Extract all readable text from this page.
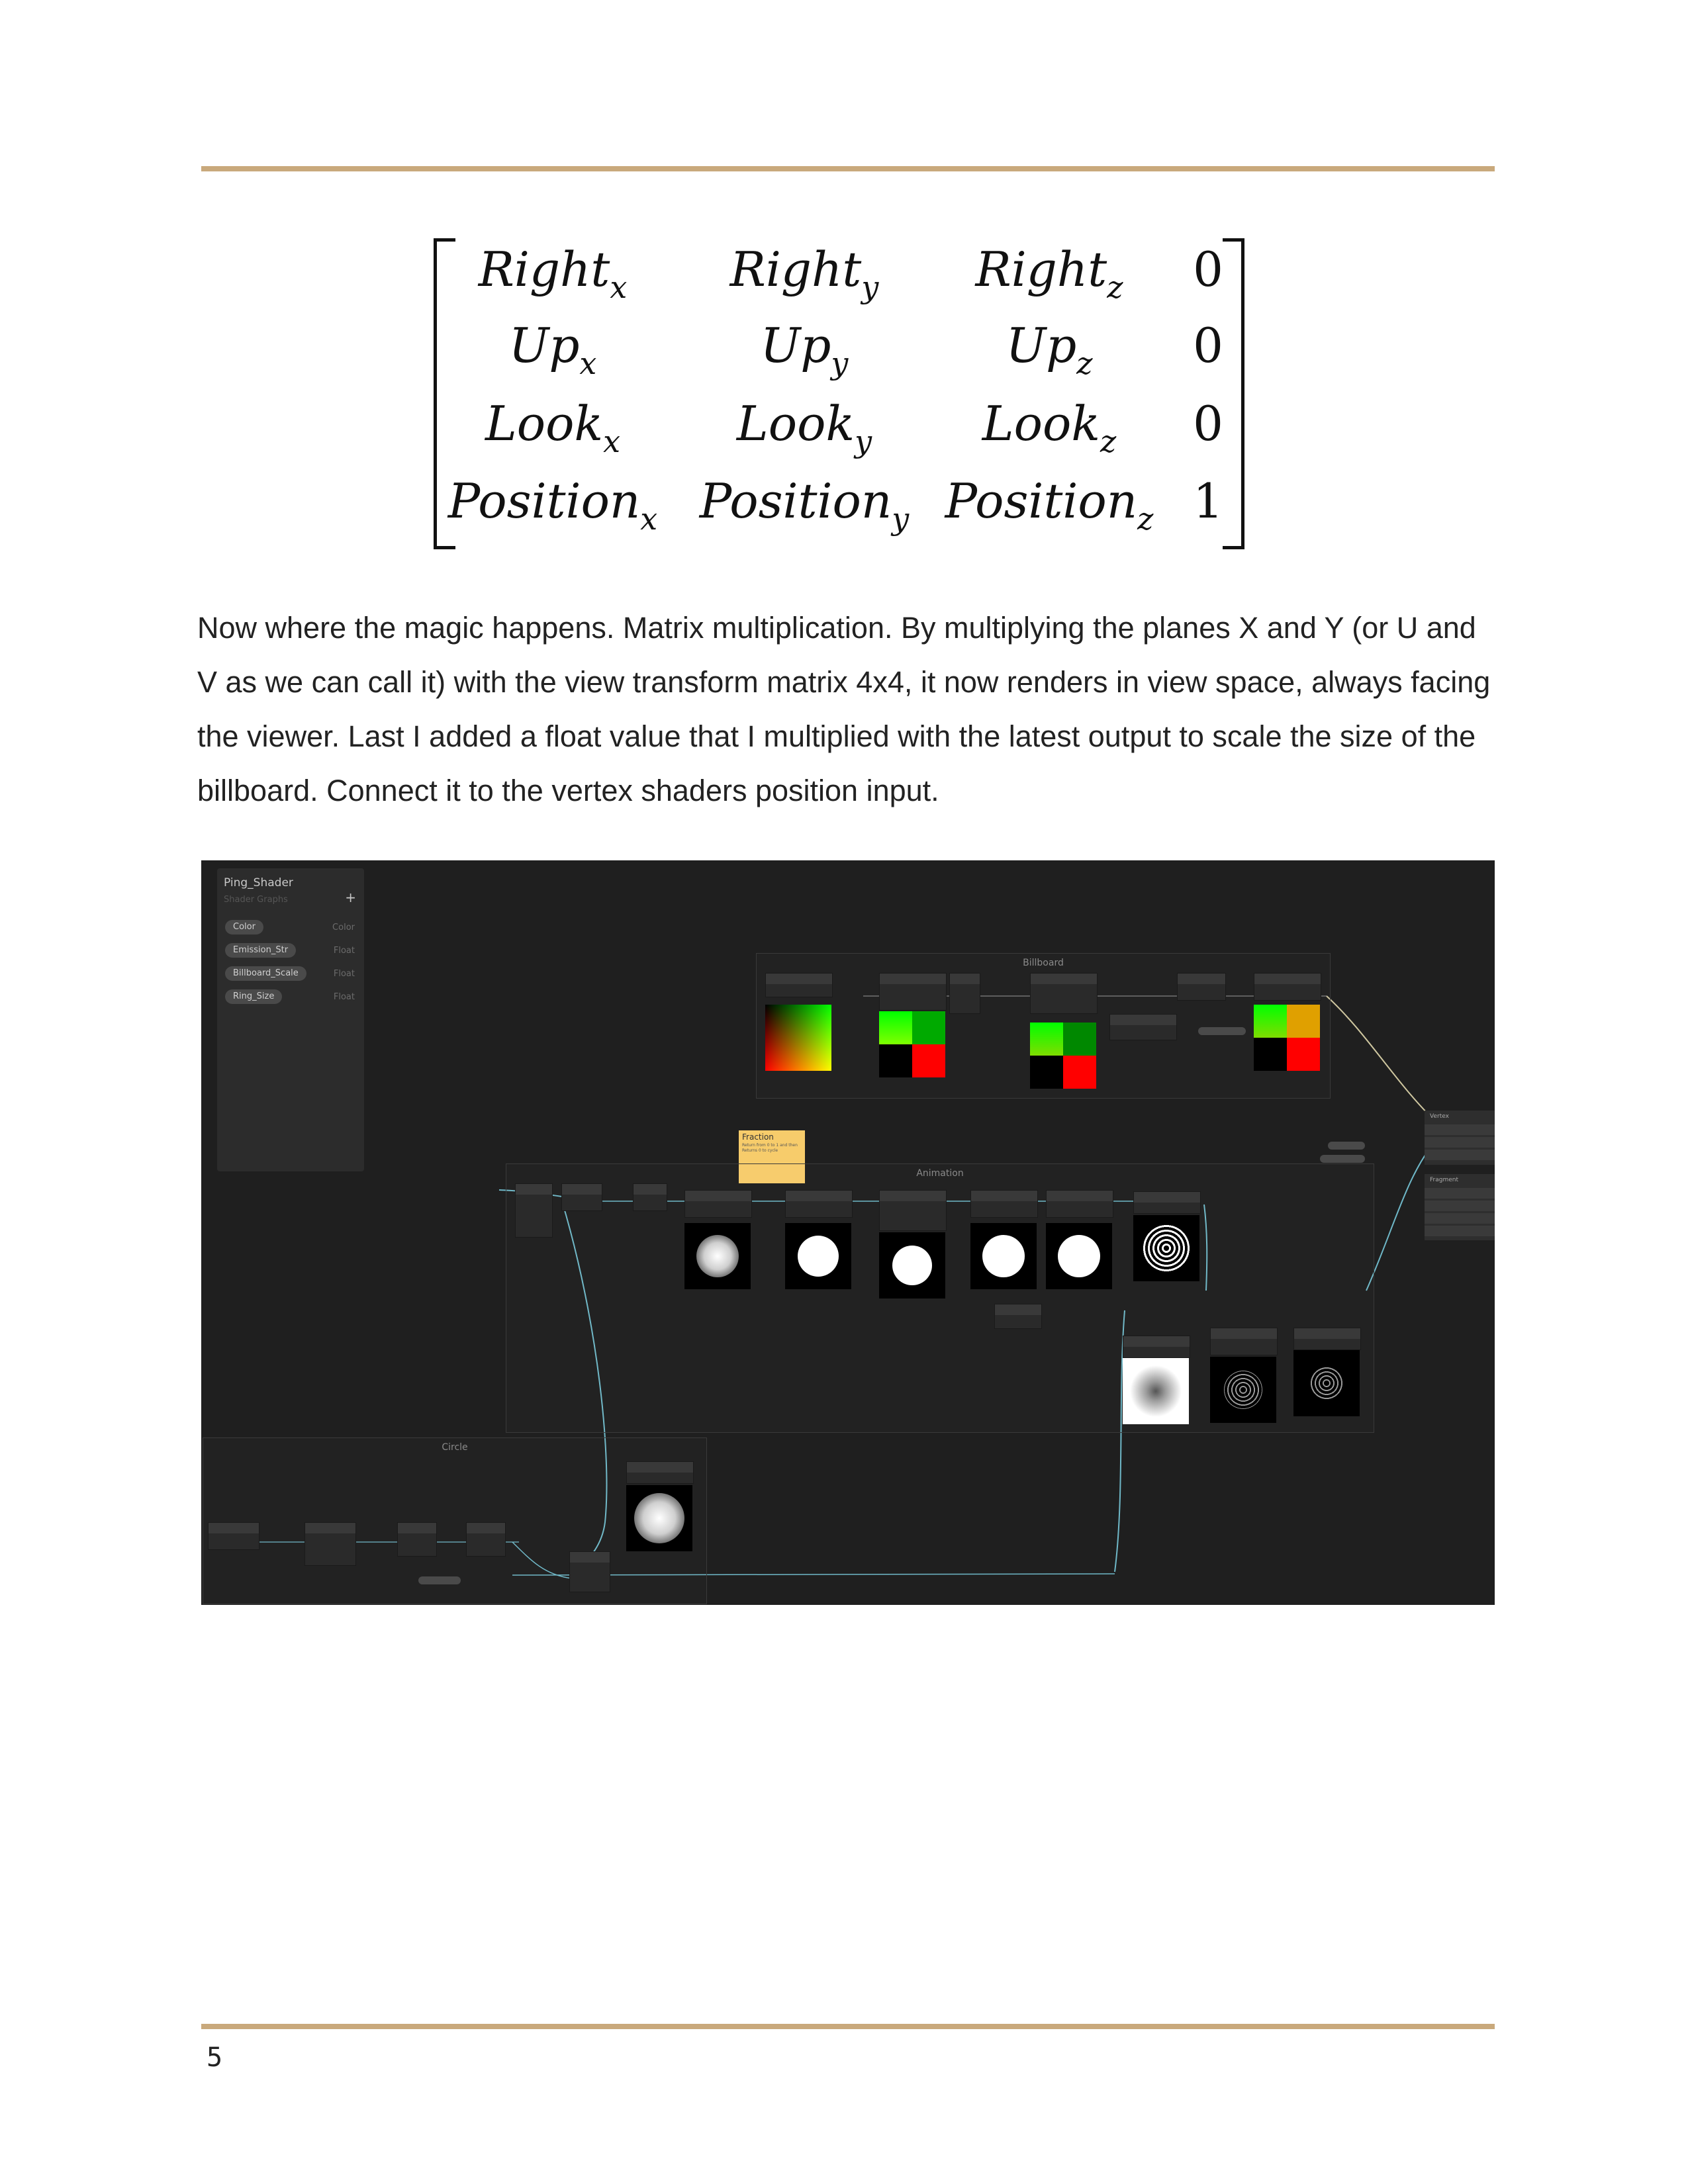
Right$_x$ Right$_y$ Right$_z$ 0
$Up_x$	$Up_y$	$Up_z$ 0
Look$_x$ Look$_y$ Look$_z$ 0
Position$_x$ Position$_y$ Position$_z$ 1
Now where the magic happens. Matrix multiplication. By multiplying the planes X and Y (or U and V as we can call it) with the view transform matrix 4x4, it now renders in view space, always facing the viewer. Last I added a float value that I multiplied with the latest output to scale the size of the billboard. Connect it to the vertex shaders position input.
Ping_Shader
Shader Graphs	+
Color	Color
Emission_Str	Float
Billboard_Scale	Float
Ring_Size	Float
Billboard
Fraction
Return from 0 to 1 and then Returns 0 to cycle
Vertex
Fragment
Animation
Circle
5
